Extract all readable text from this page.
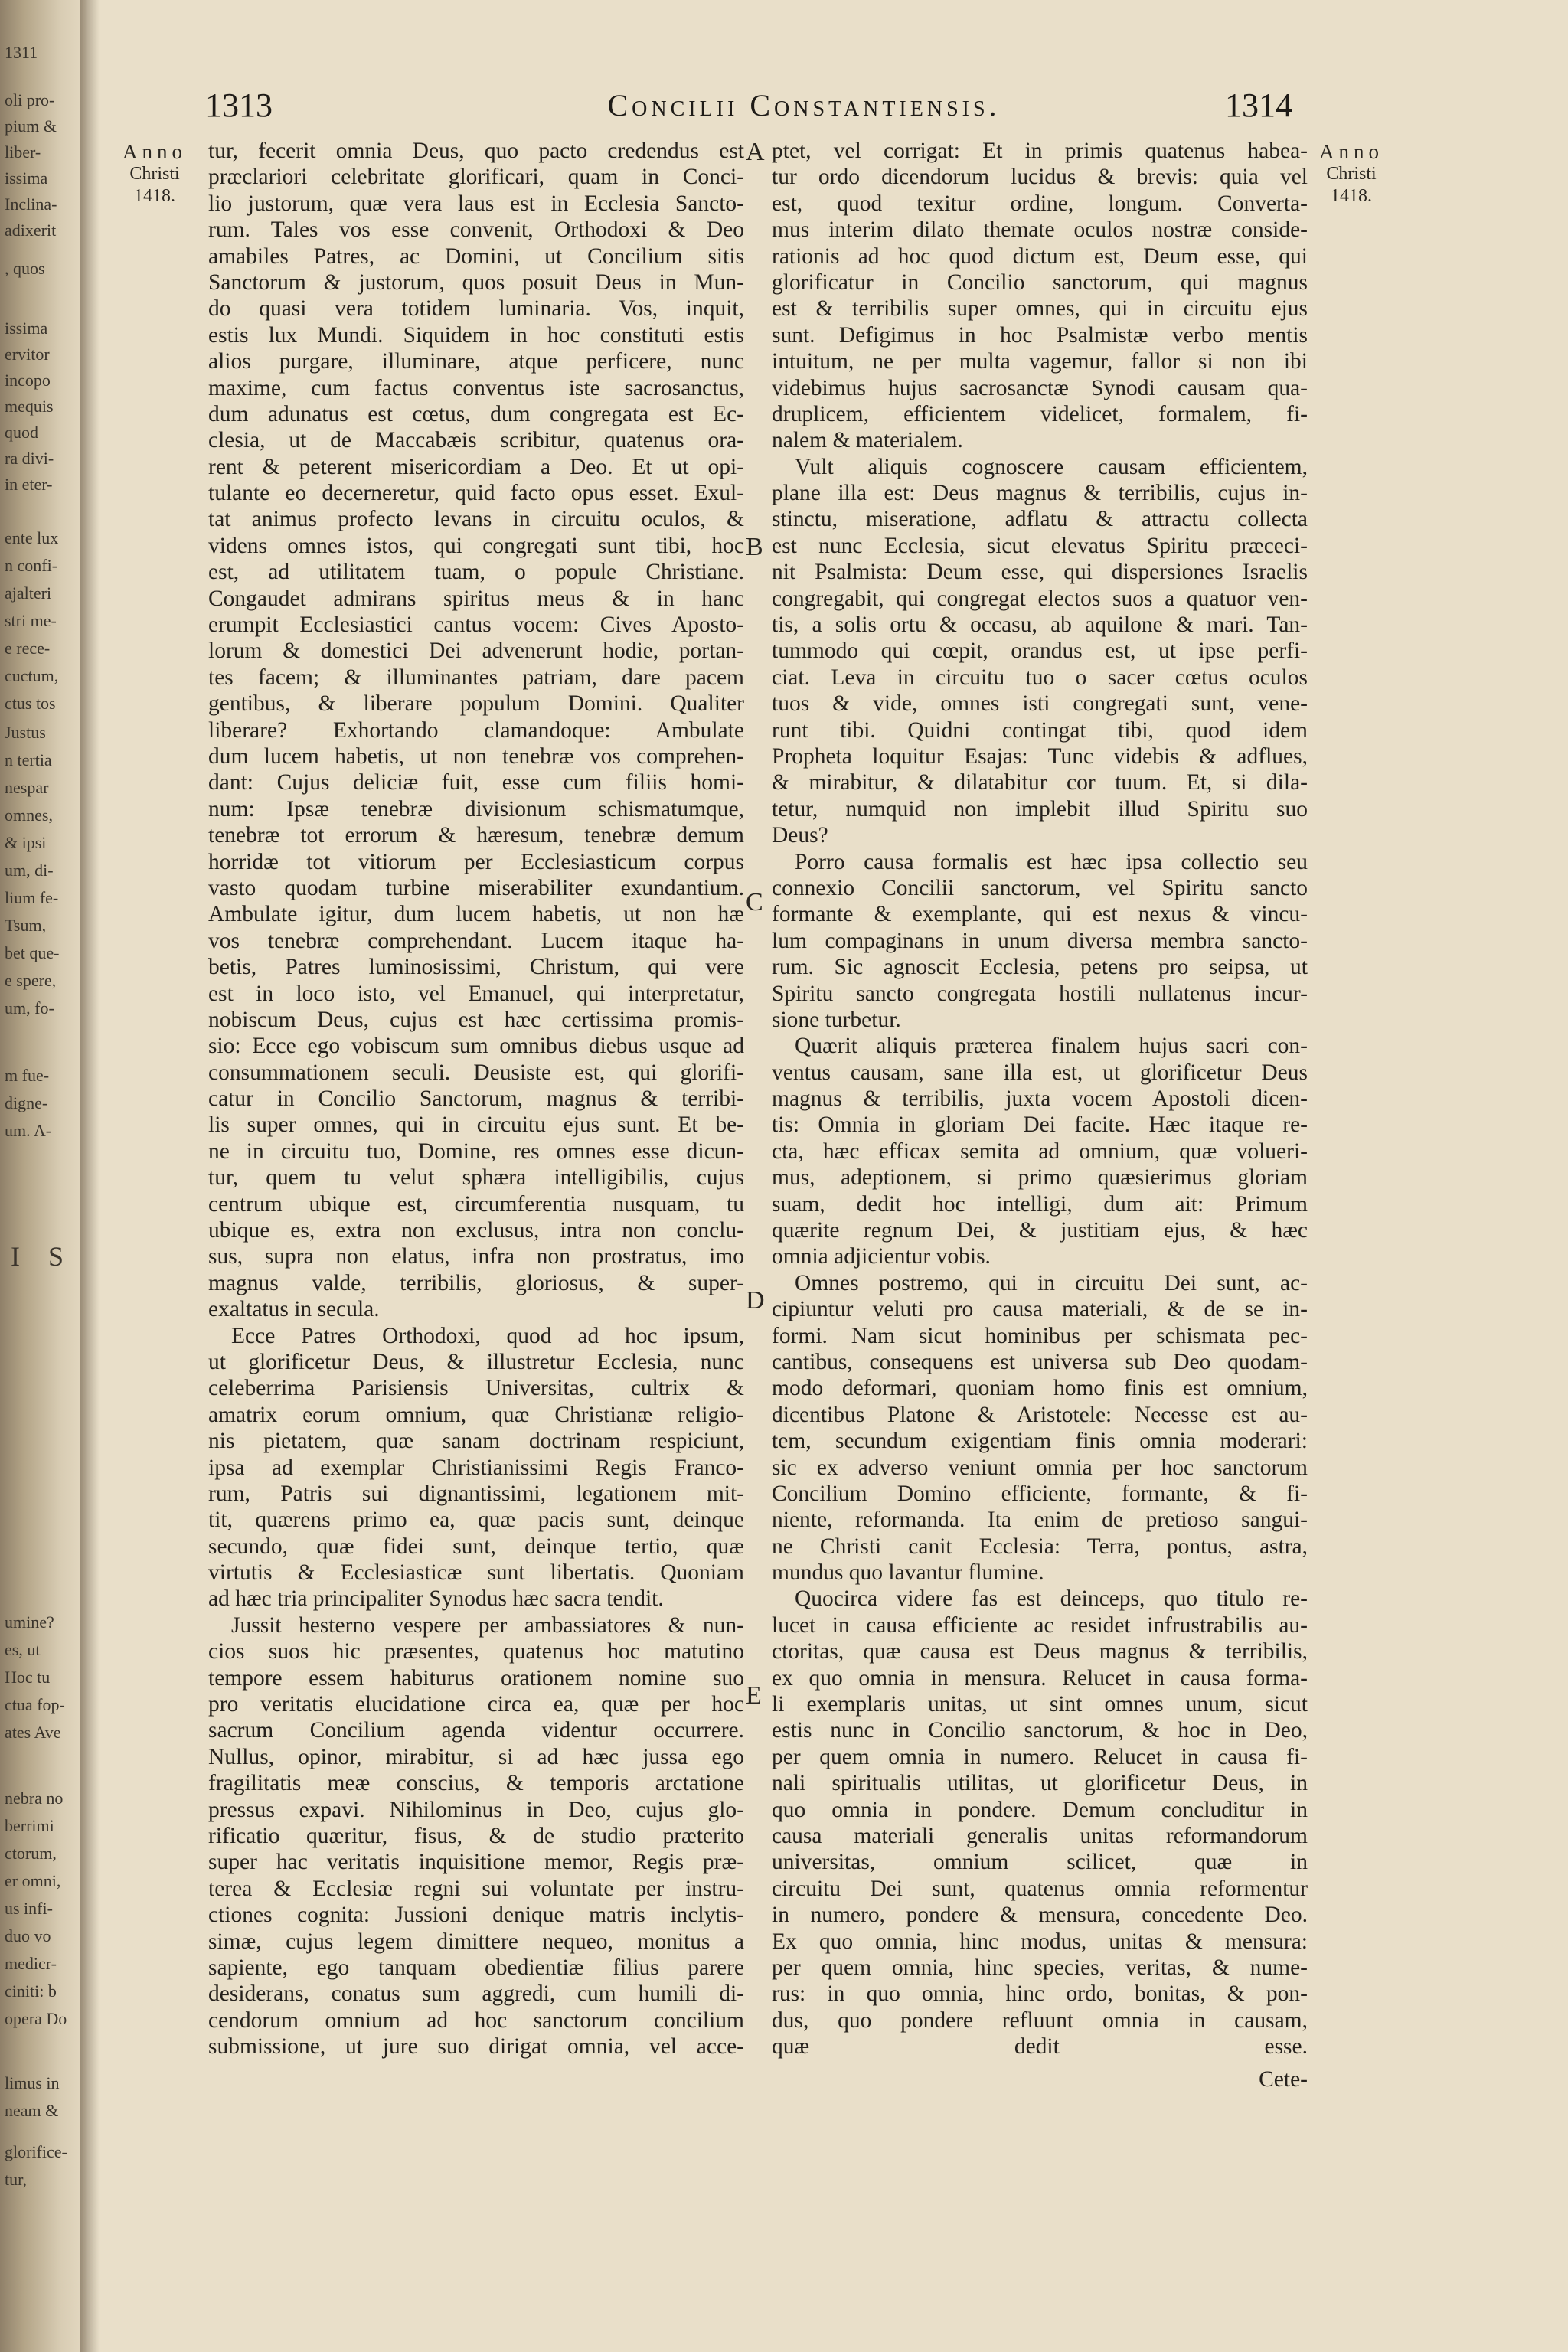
1311
oli pro-
pium &
liber-
issima
Inclina-
adixerit
, quos
issima
ervitor
incopo
mequis
quod
ra divi-
in eter-
ente lux
n confi-
ajalteri
stri me-
e rece-
cuctum,
ctus tos
Justus
n tertia
nespar
omnes,
& ipsi
um, di-
lium fe-
Tsum,
bet que-
e spere,
um, fo-
m fue-
digne-
um. A-
I S
umine?
es, ut
Hoc tu
ctua fop-
ates Ave
nebra no
berrimi
ctorum,
er omni,
us infi-
duo vo
medicr-
ciniti: b
opera Do
limus in
neam &
glorifice-
tur,
1313	Concilii Constantiensis.	1314
Anno
Christi
1418.
Anno
Christi
1418.
tur, fecerit omnia Deus, quo pacto credendus est
præclariori celebritate glorificari, quam in Conci-
lio justorum, quæ vera laus est in Ecclesia Sancto-
rum. Tales vos esse convenit, Orthodoxi & Deo
amabiles Patres, ac Domini, ut Concilium sitis
Sanctorum & justorum, quos posuit Deus in Mun-
do quasi vera totidem luminaria. Vos, inquit,
estis lux Mundi. Siquidem in hoc constituti estis
alios purgare, illuminare, atque perficere, nunc
maxime, cum factus conventus iste sacrosanctus,
dum adunatus est cœtus, dum congregata est Ec-
clesia, ut de Maccabæis scribitur, quatenus ora-
rent & peterent misericordiam a Deo. Et ut opi-
tulante eo decerneretur, quid facto opus esset. Exul-
tat animus profecto levans in circuitu oculos, &
videns omnes istos, qui congregati sunt tibi, hoc
est, ad utilitatem tuam, o popule Christiane.
Congaudet admirans spiritus meus & in hanc
erumpit Ecclesiastici cantus vocem: Cives Aposto-
lorum & domestici Dei advenerunt hodie, portan-
tes facem; & illuminantes patriam, dare pacem
gentibus, & liberare populum Domini. Qualiter
liberare? Exhortando clamandoque: Ambulate
dum lucem habetis, ut non tenebræ vos comprehen-
dant: Cujus deliciæ fuit, esse cum filiis homi-
num: Ipsæ tenebræ divisionum schismatumque,
tenebræ tot errorum & hæresum, tenebræ demum
horridæ tot vitiorum per Ecclesiasticum corpus
vasto quodam turbine miserabiliter exundantium.
Ambulate igitur, dum lucem habetis, ut non hæ
vos tenebræ comprehendant. Lucem itaque ha-
betis, Patres luminosissimi, Christum, qui vere
est in loco isto, vel Emanuel, qui interpretatur,
nobiscum Deus, cujus est hæc certissima promis-
sio: Ecce ego vobiscum sum omnibus diebus usque ad
consummationem seculi. Deusiste est, qui glorifi-
catur in Concilio Sanctorum, magnus & terribi-
lis super omnes, qui in circuitu ejus sunt. Et be-
ne in circuitu tuo, Domine, res omnes esse dicun-
tur, quem tu velut sphæra intelligibilis, cujus
centrum ubique est, circumferentia nusquam, tu
ubique es, extra non exclusus, intra non conclu-
sus, supra non elatus, infra non prostratus, imo
magnus valde, terribilis, gloriosus, & super-
exaltatus in secula.
Ecce Patres Orthodoxi, quod ad hoc ipsum,
ut glorificetur Deus, & illustretur Ecclesia, nunc
celeberrima Parisiensis Universitas, cultrix &
amatrix eorum omnium, quæ Christianæ religio-
nis pietatem, quæ sanam doctrinam respiciunt,
ipsa ad exemplar Christianissimi Regis Franco-
rum, Patris sui dignantissimi, legationem mit-
tit, quærens primo ea, quæ pacis sunt, deinque
secundo, quæ fidei sunt, deinque tertio, quæ
virtutis & Ecclesiasticæ sunt libertatis. Quoniam
ad hæc tria principaliter Synodus hæc sacra tendit.
Jussit hesterno vespere per ambassiatores & nun-
cios suos hic præsentes, quatenus hoc matutino
tempore essem habiturus orationem nomine suo
pro veritatis elucidatione circa ea, quæ per hoc
sacrum Concilium agenda videntur occurrere.
Nullus, opinor, mirabitur, si ad hæc jussa ego
fragilitatis meæ conscius, & temporis arctatione
pressus expavi. Nihilominus in Deo, cujus glo-
rificatio quæritur, fisus, & de studio præterito
super hac veritatis inquisitione memor, Regis præ-
terea & Ecclesiæ regni sui voluntate per instru-
ctiones cognita: Jussioni denique matris inclytis-
simæ, cujus legem dimittere nequeo, monitus a
sapiente, ego tanquam obedientiæ filius parere
desiderans, conatus sum aggredi, cum humili di-
cendorum omnium ad hoc sanctorum concilium
submissione, ut jure suo dirigat omnia, vel acce-
ptet, vel corrigat: Et in primis quatenus habea-
tur ordo dicendorum lucidus & brevis: quia vel
est, quod texitur ordine, longum. Converta-
mus interim dilato themate oculos nostræ conside-
rationis ad hoc quod dictum est, Deum esse, qui
glorificatur in Concilio sanctorum, qui magnus
est & terribilis super omnes, qui in circuitu ejus
sunt. Defigimus in hoc Psalmistæ verbo mentis
intuitum, ne per multa vagemur, fallor si non ibi
videbimus hujus sacrosanctæ Synodi causam qua-
druplicem, efficientem videlicet, formalem, fi-
nalem & materialem.
Vult aliquis cognoscere causam efficientem,
plane illa est: Deus magnus & terribilis, cujus in-
stinctu, miseratione, adflatu & attractu collecta
est nunc Ecclesia, sicut elevatus Spiritu præceci-
nit Psalmista: Deum esse, qui dispersiones Israelis
congregabit, qui congregat electos suos a quatuor ven-
tis, a solis ortu & occasu, ab aquilone & mari. Tan-
tummodo qui cœpit, orandus est, ut ipse perfi-
ciat. Leva in circuitu tuo o sacer cœtus oculos
tuos & vide, omnes isti congregati sunt, vene-
runt tibi. Quidni contingat tibi, quod idem
Propheta loquitur Esajas: Tunc videbis & adflues,
& mirabitur, & dilatabitur cor tuum. Et, si dila-
tetur, numquid non implebit illud Spiritu suo
Deus?
Porro causa formalis est hæc ipsa collectio seu
connexio Concilii sanctorum, vel Spiritu sancto
formante & exemplante, qui est nexus & vincu-
lum compaginans in unum diversa membra sancto-
rum. Sic agnoscit Ecclesia, petens pro seipsa, ut
Spiritu sancto congregata hostili nullatenus incur-
sione turbetur.
Quærit aliquis præterea finalem hujus sacri con-
ventus causam, sane illa est, ut glorificetur Deus
magnus & terribilis, juxta vocem Apostoli dicen-
tis: Omnia in gloriam Dei facite. Hæc itaque re-
cta, hæc efficax semita ad omnium, quæ volueri-
mus, adeptionem, si primo quæsierimus gloriam
suam, dedit hoc intelligi, dum ait: Primum
quærite regnum Dei, & justitiam ejus, & hæc
omnia adjicientur vobis.
Omnes postremo, qui in circuitu Dei sunt, ac-
cipiuntur veluti pro causa materiali, & de se in-
formi. Nam sicut hominibus per schismata pec-
cantibus, consequens est universa sub Deo quodam-
modo deformari, quoniam homo finis est omnium,
dicentibus Platone & Aristotele: Necesse est au-
tem, secundum exigentiam finis omnia moderari:
sic ex adverso veniunt omnia per hoc sanctorum
Concilium Domino efficiente, formante, & fi-
niente, reformanda. Ita enim de pretioso sangui-
ne Christi canit Ecclesia: Terra, pontus, astra,
mundus quo lavantur flumine.
Quocirca videre fas est deinceps, quo titulo re-
lucet in causa efficiente ac residet infrustrabilis au-
ctoritas, quæ causa est Deus magnus & terribilis,
ex quo omnia in mensura. Relucet in causa forma-
li exemplaris unitas, ut sint omnes unum, sicut
estis nunc in Concilio sanctorum, & hoc in Deo,
per quem omnia in numero. Relucet in causa fi-
nali spiritualis utilitas, ut glorificetur Deus, in
quo omnia in pondere. Demum concluditur in
causa materiali generalis unitas reformandorum
universitas, omnium scilicet, quæ in
circuitu Dei sunt, quatenus omnia reformentur
in numero, pondere & mensura, concedente Deo.
Ex quo omnia, hinc modus, unitas & mensura:
per quem omnia, hinc species, veritas, & nume-
rus: in quo omnia, hinc ordo, bonitas, & pon-
dus, quo pondere refluunt omnia in causam,
quæ dedit esse.
Cete-
A
B
C
D
E
